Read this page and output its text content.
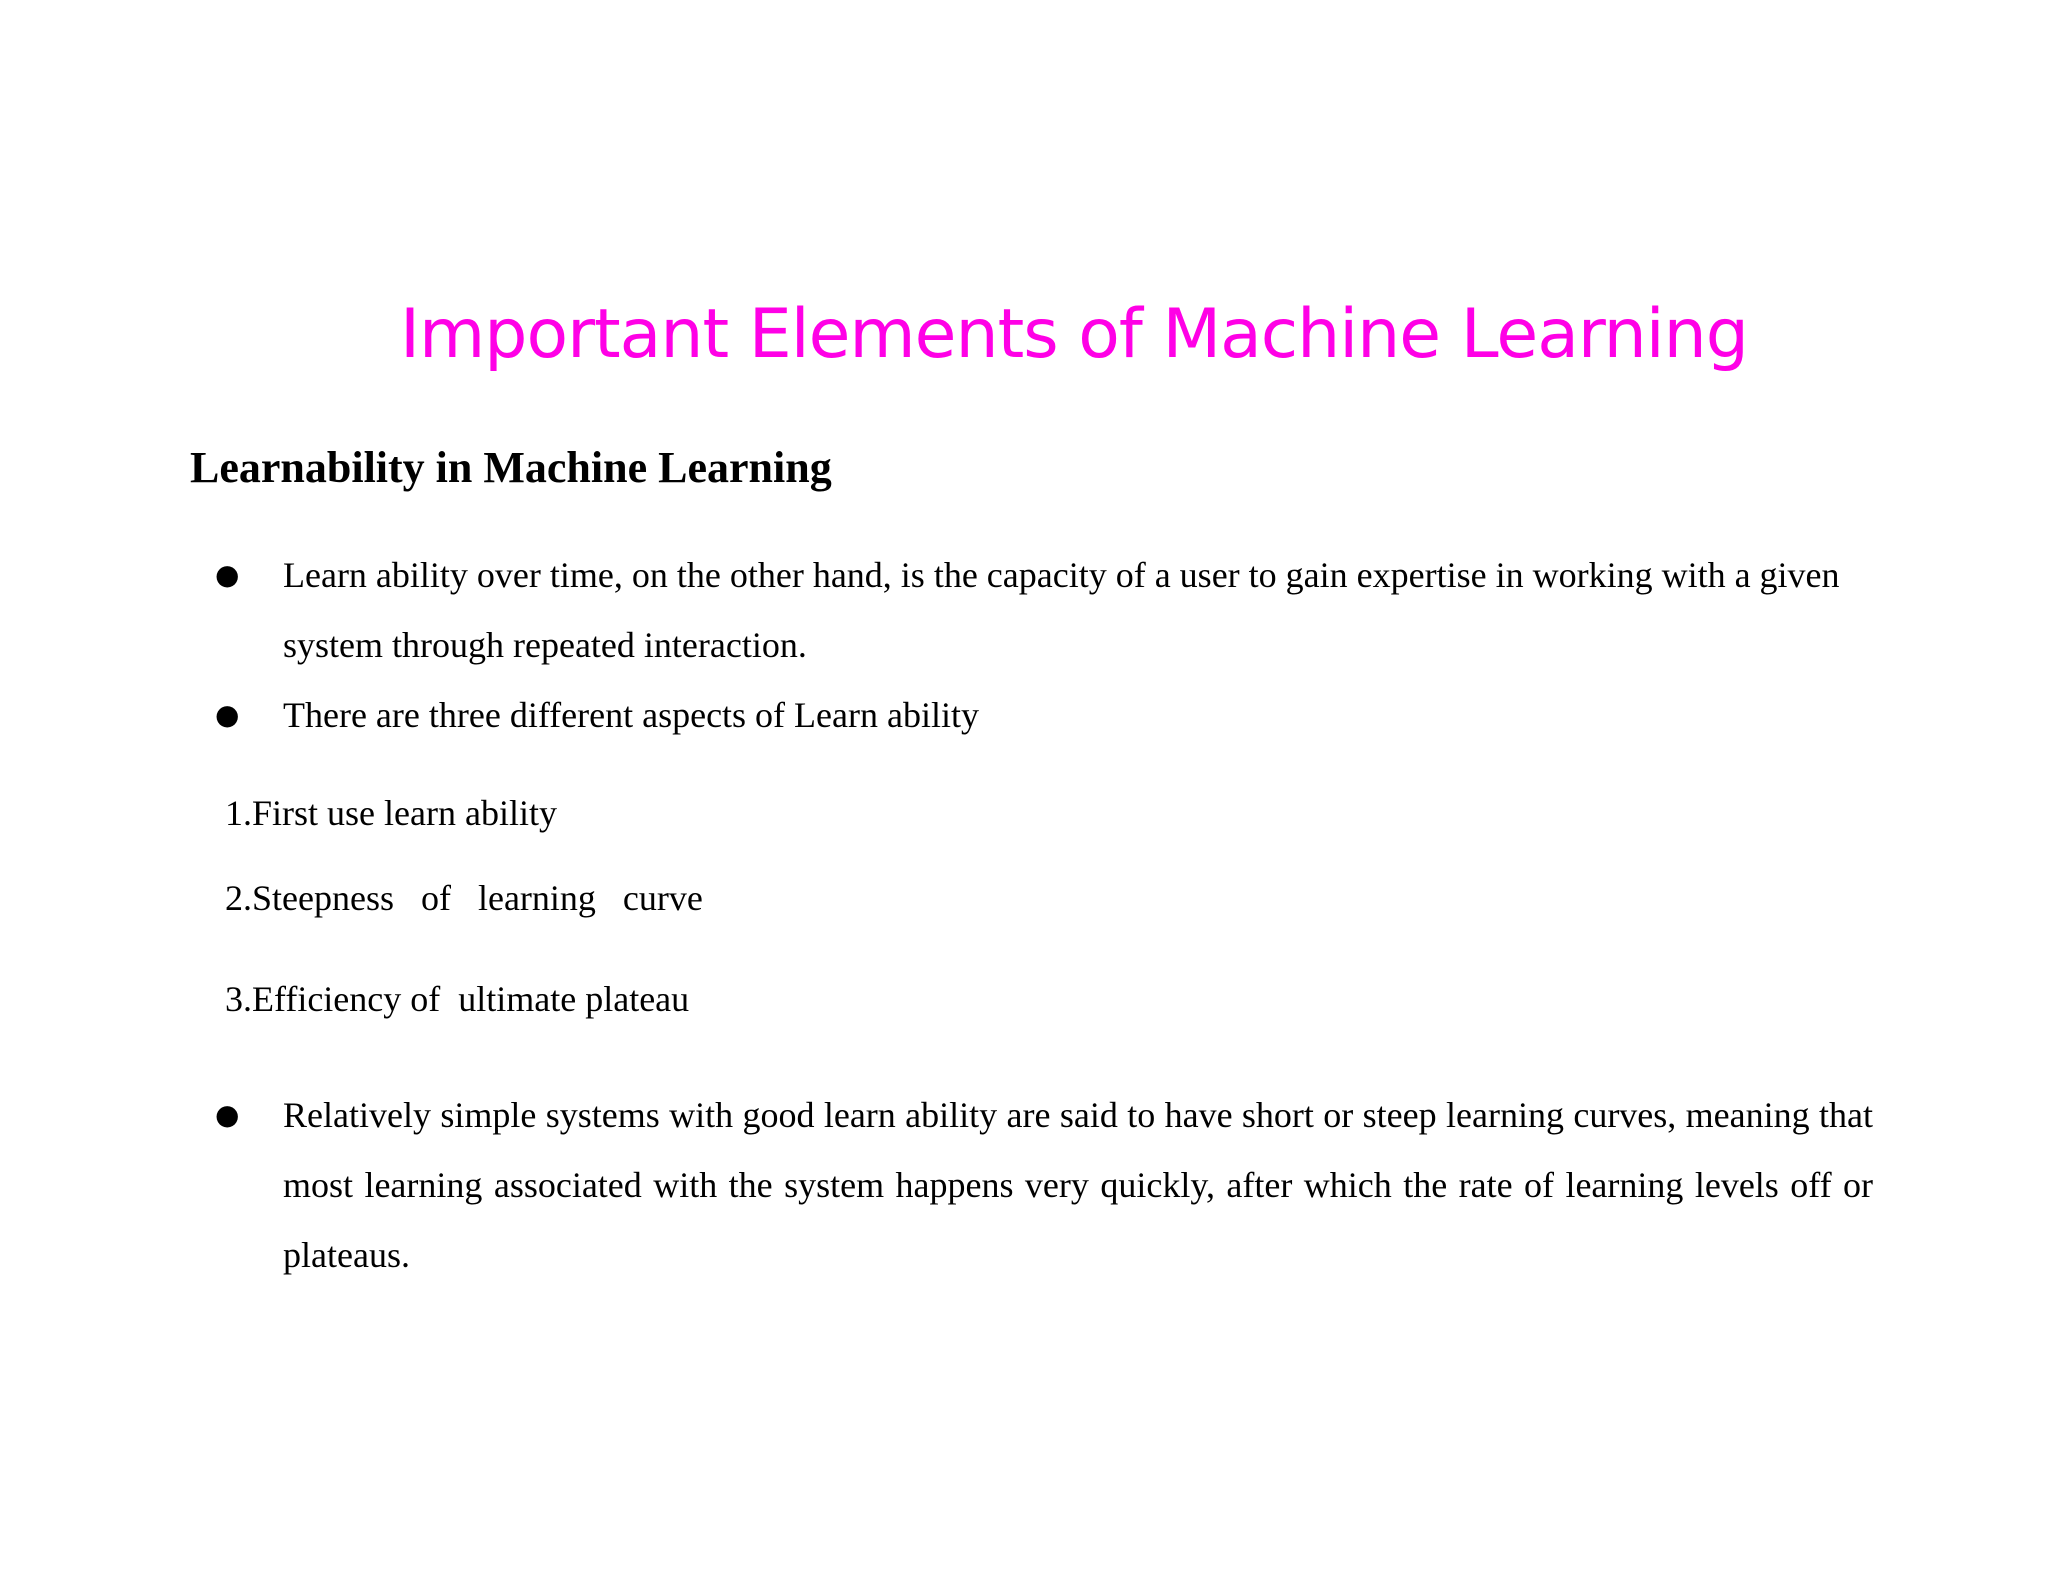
Important Elements of Machine Learning
Learnability in Machine Learning
● Learn ability over time, on the other hand, is the capacity of a user to gain expertise in working with a given system through repeated interaction.
● There are three different aspects of Learn ability
1.First use learn ability
2.Steepness   of   learning   curve
3.Efficiency of  ultimate plateau
● Relatively simple systems with good learn ability are said to have short or steep learning curves, meaning that most learning associated with the system happens very quickly, after which the rate of learning levels off or plateaus.
